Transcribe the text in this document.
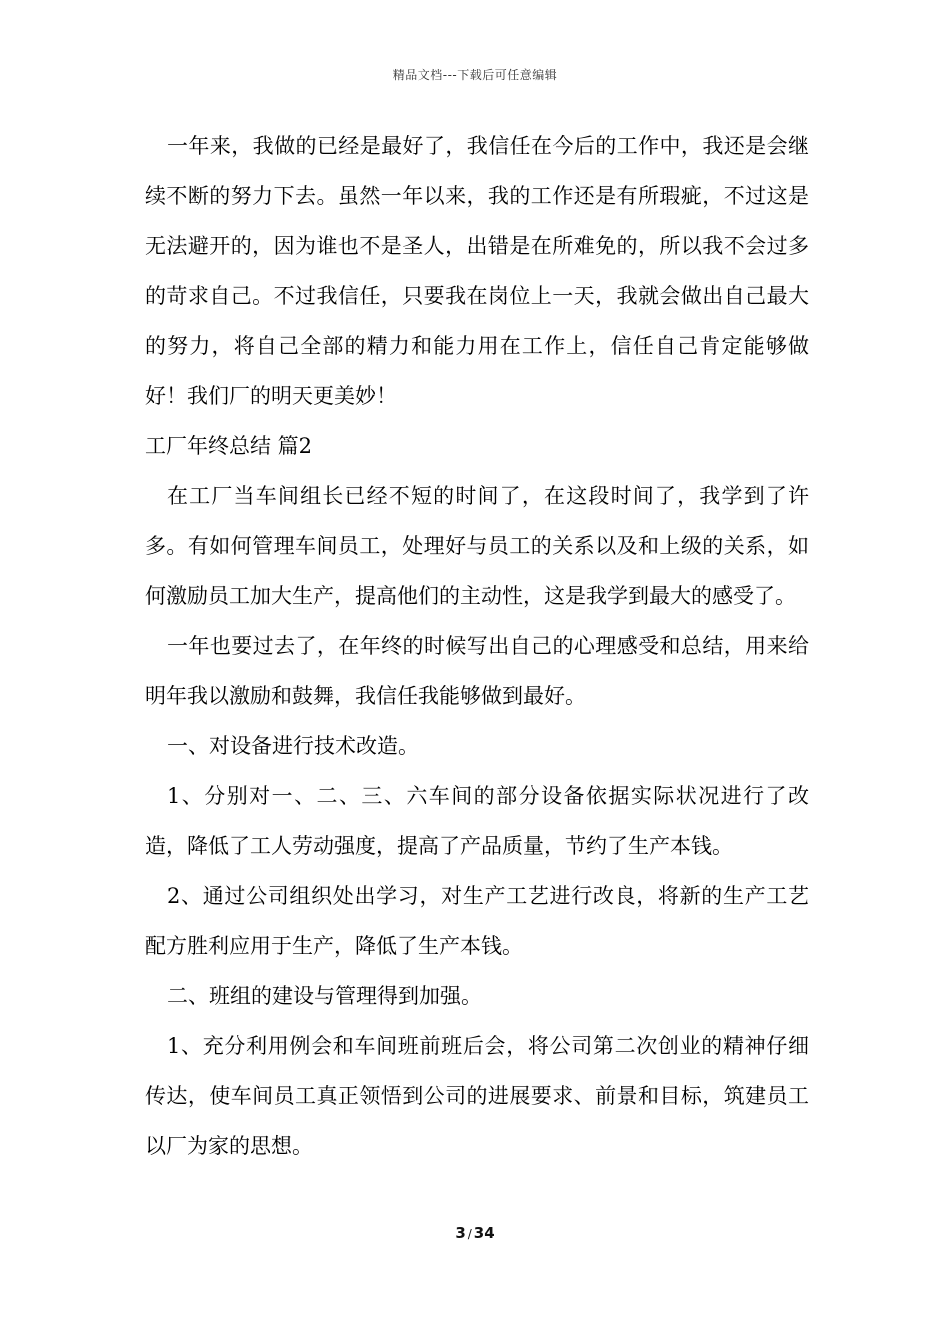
精品文档---下载后可任意编辑

一年来，我做的已经是最好了，我信任在今后的工作中，我还是会继续不断的努力下去。虽然一年以来，我的工作还是有所瑕疵，不过这是无法避开的，因为谁也不是圣人，出错是在所难免的，所以我不会过多的苛求自己。不过我信任，只要我在岗位上一天，我就会做出自己最大的努力，将自己全部的精力和能力用在工作上，信任自己肯定能够做好！我们厂的明天更美妙！

工厂年终总结 篇2

在工厂当车间组长已经不短的时间了，在这段时间了，我学到了许多。有如何管理车间员工，处理好与员工的关系以及和上级的关系，如何激励员工加大生产，提高他们的主动性，这是我学到最大的感受了。

一年也要过去了，在年终的时候写出自己的心理感受和总结，用来给明年我以激励和鼓舞，我信任我能够做到最好。

一、对设备进行技术改造。

1、分别对一、二、三、六车间的部分设备依据实际状况进行了改造，降低了工人劳动强度，提高了产品质量，节约了生产本钱。

2、通过公司组织处出学习，对生产工艺进行改良，将新的生产工艺配方胜利应用于生产，降低了生产本钱。

二、班组的建设与管理得到加强。

1、充分利用例会和车间班前班后会，将公司第二次创业的精神仔细传达，使车间员工真正领悟到公司的进展要求、前景和目标，筑建员工以厂为家的思想。

3 / 34
